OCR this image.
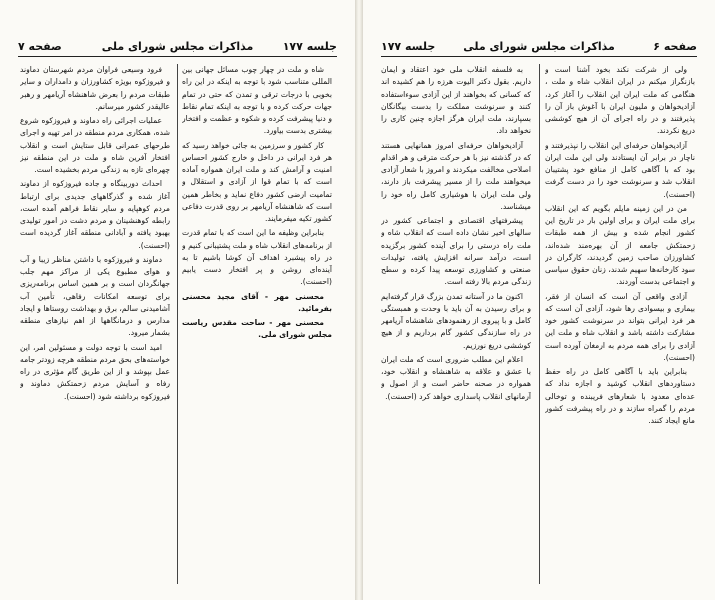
صفحه ۷	مذاکرات مجلس شورای ملی	جلسه ۱۷۷

شاه و ملت در چهار چوب مسائل جهانی بین المللی متناسب شود با توجه به اینکه در این راه بخوبی با درجات ترقی و تمدن که حتی در تمام جهات حرکت کرده و با توجه به اینکه تمام نقاط و دنیا پیشرفت کرده و شکوه و عظمت و افتخار بیشتری بدست بیاورد.

کار کشور و سرزمین به جائی خواهد رسید که هر فرد ایرانی در داخل و خارج کشور احساس امنیت و آرامش کند و ملت ایران همواره آماده است که با تمام قوا از آزادی و استقلال و تمامیت ارضی کشور دفاع نماید و بخاطر همین است که شاهنشاه آریامهر بر روی قدرت دفاعی کشور تکیه میفرمایند.

بنابراین وظیفه ما این است که با تمام قدرت از برنامه‌های انقلاب شاه و ملت پشتیبانی کنیم و در راه پیشبرد اهداف آن کوشا باشیم تا به آینده‌ای روشن و پر افتخار دست یابیم (احسنت).

محسنی مهر - آقای مجید محسنی بفرمائید.

محسنی مهر - ساحت مقدس ریاست مجلس شورای ملی.

فرود وسیعی فراوان مردم شهرستان دماوند و فیروزکوه بویژه کشاورزان و دامداران و سایر طبقات مردم را بعرض شاهنشاه آریامهر و رهبر عالیقدر کشور میرسانم.

عملیات اجرائی راه دماوند و فیروزکوه شروع شده، همکاری مردم منطقه در امر تهیه و اجرای طرحهای عمرانی قابل ستایش است و انقلاب افتخار آفرین شاه و ملت در این منطقه نیز چهره‌ای تازه به زندگی مردم بخشیده است.

احداث دوربینگاه و جاده فیروزکوه از دماوند آغاز شده و گذرگاههای جدیدی برای ارتباط مردم کوهپایه و سایر نقاط فراهم آمده است، رابطه کوهنشینان و مردم دشت در امور تولیدی بهبود یافته و آبادانی منطقه آغاز گردیده است (احسنت).

دماوند و فیروزکوه با داشتن مناظر زیبا و آب و هوای مطبوع یکی از مراکز مهم جلب جهانگردان است و بر همین اساس برنامه‌ریزی برای توسعه امکانات رفاهی، تأمین آب آشامیدنی سالم، برق و بهداشت روستاها و ایجاد مدارس و درمانگاهها از اهم نیازهای منطقه بشمار میرود.

امید است با توجه دولت و مسئولین امر، این خواسته‌های بحق مردم منطقه هرچه زودتر جامه عمل بپوشد و از این طریق گام مؤثری در راه رفاه و آسایش مردم زحمتکش دماوند و فیروزکوه برداشته شود (احسنت).

جلسه ۱۷۷	مذاکرات مجلس شورای ملی	صفحه ۶

ولی از شرکت نکند بخود آشنا است و بازنگراز میکنم ‌در ایران انقلاب شاه و ملت ، هنگامی که ملت ایران این انقلاب را آغاز کرد، آزادیخواهان و ملیون ایران با آغوش باز آن را پذیرفتند و در راه اجرای آن از هیچ کوششی دریغ نکردند.

آزادیخواهان حرفه‌ای این انقلاب را نپذیرفتند و ناچار در برابر آن ایستادند ولی این ملت ایران بود که با آگاهی کامل از منافع خود پشتیبان انقلاب شد و سرنوشت خود را در دست گرفت (احسنت).

من در این زمینه مایلم بگویم که این انقلاب برای ملت ایران و برای اولین بار در تاریخ این کشور انجام شده و بیش از همه طبقات زحمتکش جامعه از آن بهره‌مند شده‌اند، کشاورزان صاحب زمین گردیدند، کارگران در سود کارخانه‌ها سهیم شدند، زنان حقوق سیاسی و اجتماعی بدست آوردند.

آزادی واقعی آن است که انسان از فقر، بیماری و بیسوادی رها شود، آزادی آن است که هر فرد ایرانی بتواند در سرنوشت کشور خود مشارکت داشته باشد و انقلاب شاه و ملت این آزادی را برای همه مردم به ارمغان آورده است (احسنت).

بنابراین باید با آگاهی کامل در راه حفظ دستاوردهای انقلاب کوشید و اجازه نداد که عده‌ای معدود با شعارهای فریبنده و توخالی مردم را گمراه سازند و در راه پیشرفت کشور مانع ایجاد کنند.

به فلسفه انقلاب ملی خود اعتقاد و ایمان داریم. بقول دکتر الیوت هرزه را هم کشیده اند که کسانی که بخواهند از این آزادی سوءاستفاده کنند و سرنوشت مملکت را بدست بیگانگان بسپارند، ملت ایران هرگز اجازه چنین کاری را نخواهد داد.

آزادیخواهان حرفه‌ای امروز همانهایی هستند که در گذشته نیز با هر حرکت مترقی و هر اقدام اصلاحی مخالفت میکردند و امروز با شعار آزادی میخواهند ملت را از مسیر پیشرفت باز دارند، ولی ملت ایران با هوشیاری کامل راه خود را میشناسد.

پیشرفتهای اقتصادی و اجتماعی کشور در سالهای اخیر نشان داده است که انقلاب شاه و ملت راه درستی را برای آینده کشور برگزیده است، درآمد سرانه افزایش یافته، تولیدات صنعتی و کشاورزی توسعه پیدا کرده و سطح زندگی مردم بالا رفته است.

اکنون ما در آستانه تمدن بزرگ قرار گرفته‌ایم و برای رسیدن به آن باید با وحدت و همبستگی کامل و با پیروی از رهنمودهای شاهنشاه آریامهر در راه سازندگی کشور گام برداریم و از هیچ کوششی دریغ نورزیم.

اعلام این مطلب ضروری است که ملت ایران با عشق و علاقه به شاهنشاه و انقلاب خود، همواره در صحنه حاضر است و از اصول و آرمانهای انقلاب پاسداری خواهد کرد (احسنت).
